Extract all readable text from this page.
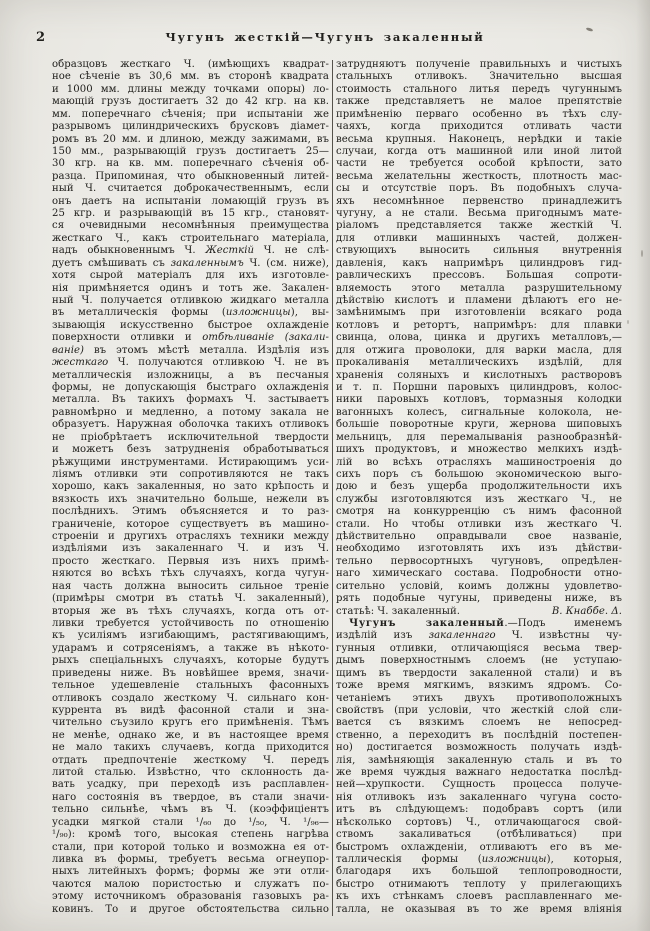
2	Чугунъ жесткій—Чугунъ закаленный
образцовъ жесткаго Ч. (имѣющихъ квадрат-
ное сѣченіе въ 30,6 мм. въ сторонѣ квадрата
и 1000 мм. длины между точками опоры) ло-
мающій грузъ достигаетъ 32 до 42 кгр. на кв.
мм. поперечнаго сѣченія; при испытаніи же
разрывомъ цилиндрическихъ брусковъ діамет-
ромъ въ 20 мм. и длиною, между зажимами, въ
150 мм., разрывающій грузъ достигаетъ 25—
30 кгр. на кв. мм. поперечнаго сѣченія об-
разца. Припоминая, что обыкновенный литей-
ный Ч. считается доброкачественнымъ, если
онъ даетъ на испытаніи ломающій грузъ въ
25 кгр. и разрывающій въ 15 кгр., становят-
ся очевидными несомнѣнныя преимущества
жесткаго Ч., какъ строительнаго матеріала,
надъ обыкновеннымъ Ч. Жесткій Ч. не слѣ-
дуетъ смѣшивать съ закаленнымъ Ч. (см. ниже),
хотя сырой матеріалъ для ихъ изготовле-
нія примѣняется одинъ и тотъ же. Закален-
ный Ч. получается отливкою жидкаго металла
въ металлическія формы (изложницы), вы-
зывающія искусственно быстрое охлажденіе
поверхности отливки и отбѣливаніе (закали-
ваніе) въ этомъ мѣстѣ металла. Издѣлія изъ
жесткаго Ч. получаются отливкою Ч. не въ
металлическія изложницы, а въ песчаныя
формы, не допускающія быстраго охлажденія
металла. Въ такихъ формахъ Ч. застываетъ
равномѣрно и медленно, а потому закала не
образуетъ. Наружная оболочка такихъ отливокъ
не пріобрѣтаетъ исключительной твердости
и можетъ безъ затрудненія обработываться
рѣжущими инструментами. Истирающимъ уси-
ліямъ отливки эти сопротивляются не такъ
хорошо, какъ закаленныя, но зато крѣпость и
вязкость ихъ значительно больше, нежели въ
послѣднихъ. Этимъ объясняется и то раз-
граниченіе, которое существуетъ въ машино-
строеніи и другихъ отрасляхъ техники между
издѣліями изъ закаленнаго Ч. и изъ Ч.
просто жесткаго. Первыя изъ нихъ примѣ-
няются во всѣхъ тѣхъ случаяхъ, когда чугун-
ная часть должна выносить сильное треніе
(примѣры смотри въ статьѣ Ч. закаленный),
вторыя же въ тѣхъ случаяхъ, когда отъ от-
ливки требуется устойчивость по отношенію
къ усиліямъ изгибающимъ, растягивающимъ,
ударамъ и сотрясеніямъ, а также въ нѣкото-
рыхъ спеціальныхъ случаяхъ, которые будутъ
приведены ниже. Въ новѣйшее время, значи-
тельное удешевленіе стальныхъ фасонныхъ
отливокъ создало жесткому Ч. сильнаго кон-
куррента въ видѣ фасонной стали и зна-
чительно съузило кругъ его примѣненія. Тѣмъ
не менѣе, однако же, и въ настоящее время
не мало такихъ случаевъ, когда приходится
отдать предпочтеніе жесткому Ч. передъ
литой сталью. Извѣстно, что склонность да-
вать усадку, при переходѣ изъ расплавлен-
наго состоянія въ твердое, въ стали значи-
тельно сильнѣе, чѣмъ въ Ч. (коэффиціентъ
усадки мягкой стали ¹/₆₀ до ¹/₅₀, Ч. ¹/₉₆—
¹/₉₀): кромѣ того, высокая степень нагрѣва
стали, при которой только и возможна ея от-
ливка въ формы, требуетъ весьма огнеупор-
ныхъ литейныхъ формъ; формы же эти отли-
чаются малою пористостью и служатъ по-
этому источникомъ образованія газовыхъ ра-
ковинъ. То и другое обстоятельства сильно
затрудняютъ полученіе правильныхъ и чистыхъ
стальныхъ отливокъ. Значительно высшая
стоимость стального литья передъ чугуннымъ
также представляетъ не малое препятствіе
примѣненію перваго особенно въ тѣхъ слу-
чаяхъ, когда приходится отливать части
весьма крупныя. Наконецъ, нерѣдки и такіе
случаи, когда отъ машинной или иной литой
части не требуется особой крѣпости, зато
весьма желательны жесткость, плотность мас-
сы и отсутствіе поръ. Въ подобныхъ случа-
яхъ несомнѣнное первенство принадлежитъ
чугуну, а не стали. Весьма пригоднымъ мате-
ріаломъ представляется также жесткій Ч.
для отливки машинныхъ частей, должен-
ствующихъ выносить сильныя внутреннія
давленія, какъ напримѣръ цилиндровъ гид-
равлическихъ прессовъ. Большая сопроти-
вляемость этого металла разрушительному
дѣйствію кислотъ и пламени дѣлаютъ его не-
замѣнимымъ при изготовленіи всякаго рода
котловъ и ретортъ, напримѣръ: для плавки
свинца, олова, цинка и другихъ металловъ,—
для отжига проволоки, для варки масла, для
прокаливанія металлическихъ издѣлій, для
храненія соляныхъ и кислотныхъ растворовъ
и т. п. Поршни паровыхъ цилиндровъ, колос-
ники паровыхъ котловъ, тормазныя колодки
вагонныхъ колесъ, сигнальные колокола, не-
большіе поворотные круги, жернова шиповыхъ
мельницъ, для перемалыванія разнообразнѣй-
шихъ продуктовъ, и множество мелкихъ издѣ-
лій во всѣхъ отрасляхъ машиностроенія до
сихъ поръ съ большою экономическою выго-
дою и безъ ущерба продолжительности ихъ
службы изготовляются изъ жесткаго Ч., не
смотря на конкурренцію съ нимъ фасонной
стали. Но чтобы отливки изъ жесткаго Ч.
дѣйствительно оправдывали свое названіе,
необходимо изготовлять ихъ изъ дѣйстви-
тельно первосортныхъ чугуновъ, опредѣлен-
наго химическаго состава. Подробности отно-
сительно условій, коимъ должны удовлетво-
рять подобные чугуны, приведены ниже, въ
статьѣ: Ч. закаленный.	В. Кнаббе. Δ.
Чугунъ закаленный.—Подъ именемъ
издѣлій изъ закаленнаго Ч. извѣстны чу-
гунныя отливки, отличающіяся весьма твер-
дымъ поверхностнымъ слоемъ (не уступаю-
щимъ въ твердости закаленной стали) и въ
тоже время мягкимъ, вязкимъ ядромъ. Со-
четаніемъ этихъ двухъ противоположныхъ
свойствъ (при условіи, что жесткій слой сли-
вается съ вязкимъ слоемъ не непосред-
ственно, а переходитъ въ послѣдній постепен-
но) достигается возможность получать издѣ-
лія, замѣняющія закаленную сталь и въ то
же время чуждыя важнаго недостатка послѣд-
ней—хрупкости. Сущность процесса получе-
нія отливокъ изъ закаленнаго чугуна состо-
итъ въ слѣдующемъ: подобравъ сортъ (или
нѣсколько сортовъ) Ч., отличающагося свой-
ствомъ закаливаться (отбѣливаться) при
быстромъ охлажденіи, отливаютъ его въ ме-
таллическія формы (изложницы), которыя,
благодаря ихъ большой теплопроводности,
быстро отнимаютъ теплоту у прилегающихъ
къ ихъ стѣнкамъ слоевъ расплавленнаго ме-
талла, не оказывая въ то же время вліянія
